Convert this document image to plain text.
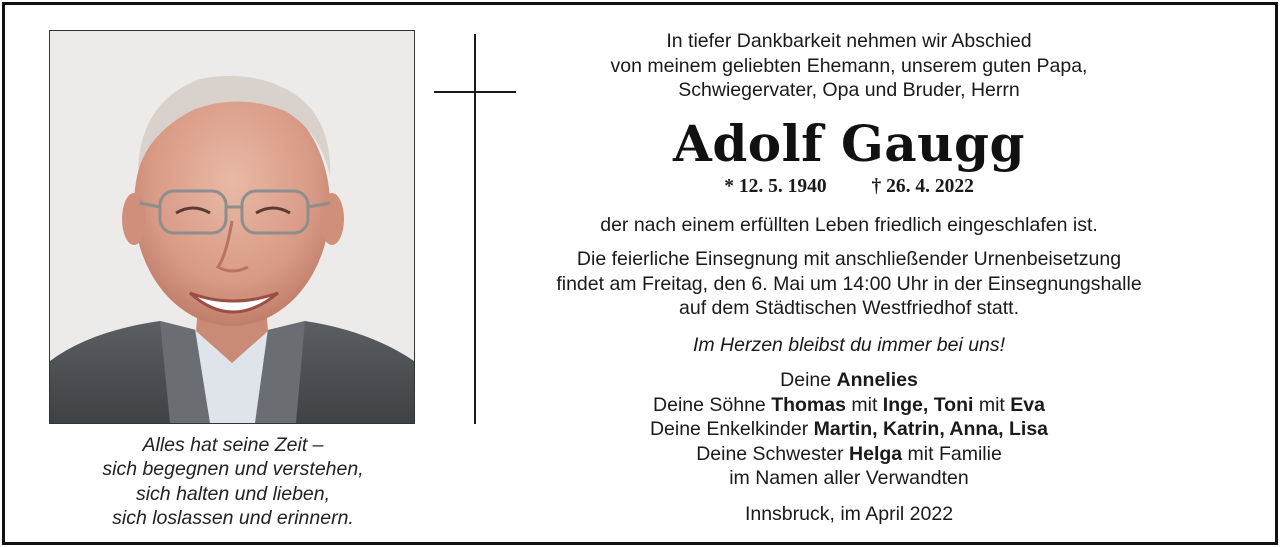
Alles hat seine Zeit –
sich begegnen und verstehen,
sich halten und lieben,
sich loslassen und erinnern.
In tiefer Dankbarkeit nehmen wir Abschied
von meinem geliebten Ehemann, unserem guten Papa,
Schwiegervater, Opa und Bruder, Herrn
Adolf Gaugg
* 12. 5. 1940 † 26. 4. 2022
der nach einem erfüllten Leben friedlich eingeschlafen ist.
Die feierliche Einsegnung mit anschließender Urnenbeisetzung
findet am Freitag, den 6. Mai um 14:00 Uhr in der Einsegnungshalle
auf dem Städtischen Westfriedhof statt.
Im Herzen bleibst du immer bei uns!
Deine Annelies
Deine Söhne Thomas mit Inge, Toni mit Eva
Deine Enkelkinder Martin, Katrin, Anna, Lisa
Deine Schwester Helga mit Familie
im Namen aller Verwandten
Innsbruck, im April 2022
